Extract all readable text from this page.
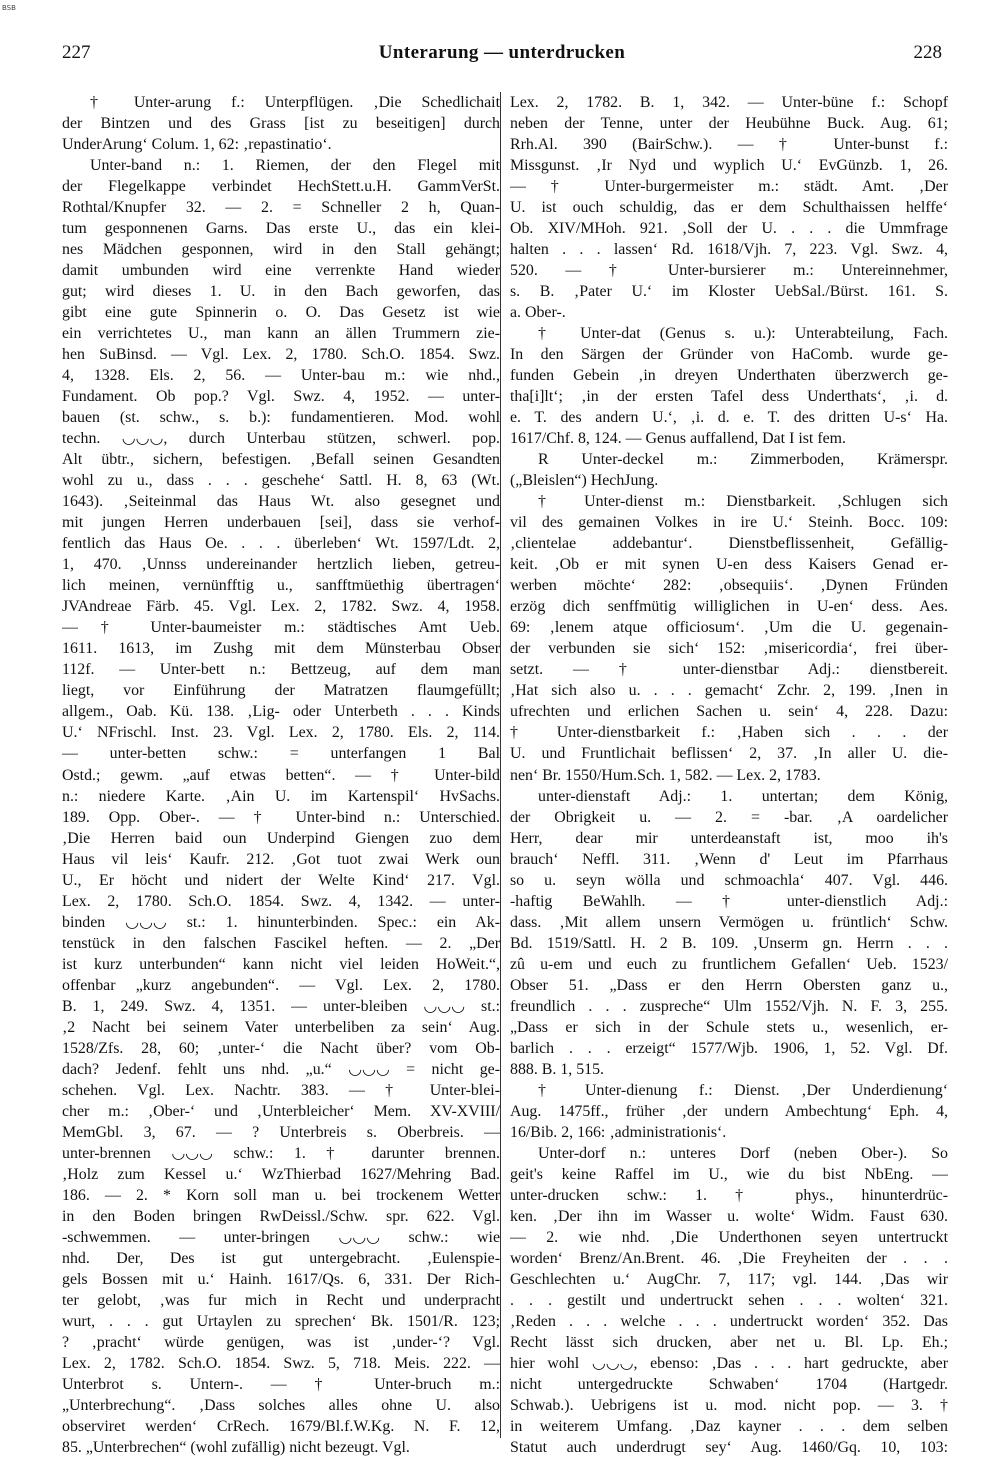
BSB
227	Unterarung — unterdrucken	228
† Unter-arung f.: Unterpflügen. ‚Die Schedlichait
der Bintzen und des Grass [ist zu beseitigen] durch
UnderArung‘ Colum. 1, 62: ‚repastinatio‘.
Unter-band n.: 1. Riemen, der den Flegel mit
der Flegelkappe verbindet HechStett.u.H. GammVerSt.
Rothtal/Knupfer 32. — 2. = Schneller 2 h, Quan-
tum gesponnenen Garns. Das erste U., das ein klei-
nes Mädchen gesponnen, wird in den Stall gehängt;
damit umbunden wird eine verrenkte Hand wieder
gut; wird dieses 1. U. in den Bach geworfen, das
gibt eine gute Spinnerin o. O. Das Gesetz ist wie
ein verrichtetes U., man kann an ällen Trummern zie-
hen SuBinsd. — Vgl. Lex. 2, 1780. Sch.O. 1854. Swz.
4, 1328. Els. 2, 56. — Unter-bau m.: wie nhd.,
Fundament. Ob pop.? Vgl. Swz. 4, 1952. — unter-
bauen (st. schw., s. b.): fundamentieren. Mod. wohl
techn. ◡◡◡, durch Unterbau stützen, schwerl. pop.
Alt übtr., sichern, befestigen. ‚Befall seinen Gesandten
wohl zu u., dass . . . geschehe‘ Sattl. H. 8, 63 (Wt.
1643). ‚Seiteinmal das Haus Wt. also gesegnet und
mit jungen Herren underbauen [sei], dass sie verhof-
fentlich das Haus Oe. . . . überleben‘ Wt. 1597/Ldt. 2,
1, 470. ‚Unnss undereinander hertzlich lieben, getreu-
lich meinen, vernünfftig u., sanfftmüethig übertragen‘
JVAndreae Färb. 45. Vgl. Lex. 2, 1782. Swz. 4, 1958.
— † Unter-baumeister m.: städtisches Amt Ueb.
1611. 1613, im Zushg mit dem Münsterbau Obser
112f. — Unter-bett n.: Bettzeug, auf dem man
liegt, vor Einführung der Matratzen flaumgefüllt;
allgem., Oab. Kü. 138. ‚Lig- oder Unterbeth . . . Kinds
U.‘ NFrischl. Inst. 23. Vgl. Lex. 2, 1780. Els. 2, 114.
— unter-betten schw.: = unterfangen 1 Bal
Ostd.; gewm. „auf etwas betten“. — † Unter-bild
n.: niedere Karte. ‚Ain U. im Kartenspil‘ HvSachs.
189. Opp. Ober-. — † Unter-bind n.: Unterschied.
‚Die Herren baid oun Underpind Giengen zuo dem
Haus vil leis‘ Kaufr. 212. ‚Got tuot zwai Werk oun
U., Er höcht und nidert der Welte Kind‘ 217. Vgl.
Lex. 2, 1780. Sch.O. 1854. Swz. 4, 1342. — unter-
binden ◡◡◡ st.: 1. hinunterbinden. Spec.: ein Ak-
tenstück in den falschen Fascikel heften. — 2. „Der
ist kurz unterbunden“ kann nicht viel leiden HoWeit.“,
offenbar „kurz angebunden“. — Vgl. Lex. 2, 1780.
B. 1, 249. Swz. 4, 1351. — unter-bleiben ◡◡◡ st.:
‚2 Nacht bei seinem Vater unterbeliben za sein‘ Aug.
1528/Zfs. 28, 60; ‚unter-‘ die Nacht über? vom Ob-
dach? Jedenf. fehlt uns nhd. „u.“ ◡◡◡ = nicht ge-
schehen. Vgl. Lex. Nachtr. 383. — † Unter-blei-
cher m.: ‚Ober-‘ und ‚Unterbleicher‘ Mem. XV-XVIII/
MemGbl. 3, 67. — ? Unterbreis s. Oberbreis. —
unter-brennen ◡◡◡ schw.: 1. † darunter brennen.
‚Holz zum Kessel u.‘ WzThierbad 1627/Mehring Bad.
186. — 2. * Korn soll man u. bei trockenem Wetter
in den Boden bringen RwDeissl./Schw. spr. 622. Vgl.
-schwemmen. — unter-bringen ◡◡◡ schw.: wie
nhd. Der, Des ist gut untergebracht. ‚Eulenspie-
gels Bossen mit u.‘ Hainh. 1617/Qs. 6, 331. Der Rich-
ter gelobt, ‚was fur mich in Recht und underpracht
wurt, . . . gut Urtaylen zu sprechen‘ Bk. 1501/R. 123;
? ‚pracht‘ würde genügen, was ist ‚under-‘? Vgl.
Lex. 2, 1782. Sch.O. 1854. Swz. 5, 718. Meis. 222. —
Unterbrot s. Untern-. — † Unter-bruch m.:
„Unterbrechung“. ‚Dass solches alles ohne U. also
observiret werden‘ CrRech. 1679/Bl.f.W.Kg. N. F. 12,
85. „Unterbrechen“ (wohl zufällig) nicht bezeugt. Vgl.
Lex. 2, 1782. B. 1, 342. — Unter-büne f.: Schopf
neben der Tenne, unter der Heubühne Buck. Aug. 61;
Rrh.Al. 390 (BairSchw.). — † Unter-bunst f.:
Missgunst. ‚Ir Nyd und wyplich U.‘ EvGünzb. 1, 26.
— † Unter-burgermeister m.: städt. Amt. ‚Der
U. ist ouch schuldig, das er dem Schulthaissen helffe‘
Ob. XIV/MHoh. 921. ‚Soll der U. . . . die Ummfrage
halten . . . lassen‘ Rd. 1618/Vjh. 7, 223. Vgl. Swz. 4,
520. — † Unter-bursierer m.: Untereinnehmer,
s. B. ‚Pater U.‘ im Kloster UebSal./Bürst. 161. S.
a. Ober-.
† Unter-dat (Genus s. u.): Unterabteilung, Fach.
In den Särgen der Gründer von HaComb. wurde ge-
funden Gebein ‚in dreyen Underthaten überzwerch ge-
tha[i]lt‘; ‚in der ersten Tafel dess Underthats‘, ‚i. d.
e. T. des andern U.‘, ‚i. d. e. T. des dritten U-s‘ Ha.
1617/Chf. 8, 124. — Genus auffallend, Dat I ist fem.
R Unter-deckel m.: Zimmerboden, Krämerspr.
(„Bleislen“) HechJung.
† Unter-dienst m.: Dienstbarkeit. ‚Schlugen sich
vil des gemainen Volkes in ire U.‘ Steinh. Bocc. 109:
‚clientelae addebantur‘. Dienstbeflissenheit, Gefällig-
keit. ‚Ob er mit synen U-en dess Kaisers Genad er-
werben möchte‘ 282: ‚obsequiis‘. ‚Dynen Fründen
erzög dich senffmütig williglichen in U-en‘ dess. Aes.
69: ‚lenem atque officiosum‘. ‚Um die U. gegenain-
der verbunden sie sich‘ 152: ‚misericordia‘, frei über-
setzt. — † unter-dienstbar Adj.: dienstbereit.
‚Hat sich also u. . . . gemacht‘ Zchr. 2, 199. ‚Inen in
ufrechten und erlichen Sachen u. sein‘ 4, 228. Dazu:
† Unter-dienstbarkeit f.: ‚Haben sich . . . der
U. und Fruntlichait beflissen‘ 2, 37. ‚In aller U. die-
nen‘ Br. 1550/Hum.Sch. 1, 582. — Lex. 2, 1783.
unter-dienstaft Adj.: 1. untertan; dem König,
der Obrigkeit u. — 2. = -bar. ‚A oardelicher
Herr, dear mir unterdeanstaft ist, moo ih's
brauch‘ Neffl. 311. ‚Wenn d' Leut im Pfarrhaus
so u. seyn wölla und schmoachla‘ 407. Vgl. 446.
-haftig BeWahlh. — † unter-dienstlich Adj.:
dass. ‚Mit allem unsern Vermögen u. früntlich‘ Schw.
Bd. 1519/Sattl. H. 2 B. 109. ‚Unserm gn. Herrn . . .
zû u-em und euch zu fruntlichem Gefallen‘ Ueb. 1523/
Obser 51. „Dass er den Herrn Obersten ganz u.,
freundlich . . . zuspreche“ Ulm 1552/Vjh. N. F. 3, 255.
„Dass er sich in der Schule stets u., wesenlich, er-
barlich . . . erzeigt“ 1577/Wjb. 1906, 1, 52. Vgl. Df.
888. B. 1, 515.
† Unter-dienung f.: Dienst. ‚Der Underdienung‘
Aug. 1475ff., früher ‚der undern Ambechtung‘ Eph. 4,
16/Bib. 2, 166: ‚administrationis‘.
Unter-dorf n.: unteres Dorf (neben Ober-). So
geit's keine Raffel im U., wie du bist NbEng. —
unter-drucken schw.: 1. † phys., hinunterdrüc-
ken. ‚Der ihn im Wasser u. wolte‘ Widm. Faust 630.
— 2. wie nhd. ‚Die Underthonen seyen untertruckt
worden‘ Brenz/An.Brent. 46. ‚Die Freyheiten der . . .
Geschlechten u.‘ AugChr. 7, 117; vgl. 144. ‚Das wir
. . . gestilt und undertruckt sehen . . . wolten‘ 321.
‚Reden . . . welche . . . undertruckt worden‘ 352. Das
Recht lässt sich drucken, aber net u. Bl. Lp. Eh.;
hier wohl ◡◡◡, ebenso: ‚Das . . . hart gedruckte, aber
nicht untergedruckte Schwaben‘ 1704 (Hartgedr.
Schwab.). Uebrigens ist u. mod. nicht pop. — 3. †
in weiterem Umfang. ‚Daz kayner . . . dem selben
Statut auch underdrugt sey‘ Aug. 1460/Gq. 10, 103:
